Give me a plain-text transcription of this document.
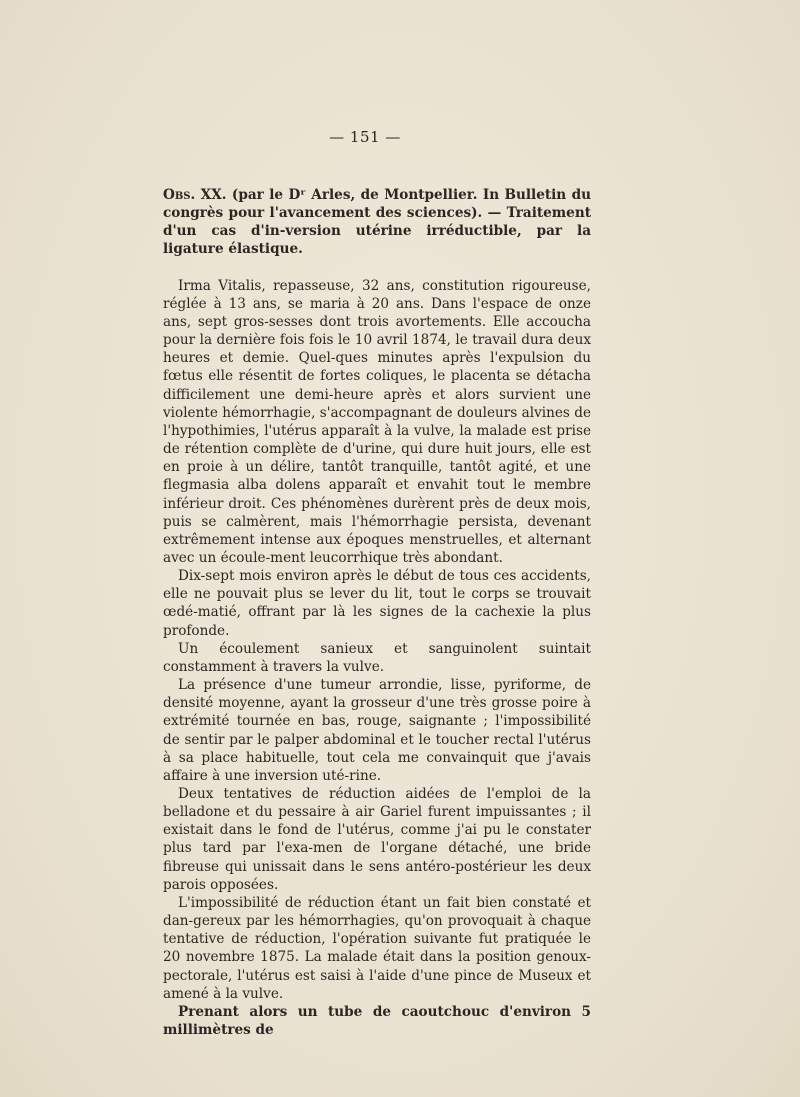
— 151 —

Obs. XX. (par le Dʳ Arles, de Montpellier. In Bulletin du congrès pour l'avancement des sciences). — Traitement d'un cas d'in-version utérine irréductible, par la ligature élastique.

Irma Vitalis, repasseuse, 32 ans, constitution rigoureuse, réglée à 13 ans, se maria à 20 ans. Dans l'espace de onze ans, sept gros-sesses dont trois avortements. Elle accoucha pour la dernière fois fois le 10 avril 1874, le travail dura deux heures et demie. Quel-ques minutes après l'expulsion du fœtus elle résentit de fortes coliques, le placenta se détacha difficilement une demi-heure après et alors survient une violente hémorrhagie, s'accompagnant de douleurs alvines de l'hypothimies, l'utérus apparaît à la vulve, la malade est prise de rétention complète de d'urine, qui dure huit jours, elle est en proie à un délire, tantôt tranquille, tantôt agité, et une flegmasia alba dolens apparaît et envahit tout le membre inférieur droit. Ces phénomènes durèrent près de deux mois, puis se calmèrent, mais l'hémorrhagie persista, devenant extrêmement intense aux époques menstruelles, et alternant avec un écoule-ment leucorrhique très abondant.

Dix-sept mois environ après le début de tous ces accidents, elle ne pouvait plus se lever du lit, tout le corps se trouvait œdé-matié, offrant par là les signes de la cachexie la plus profonde.

Un écoulement sanieux et sanguinolent suintait constamment à travers la vulve.

La présence d'une tumeur arrondie, lisse, pyriforme, de densité moyenne, ayant la grosseur d'une très grosse poire à extrémité tournée en bas, rouge, saignante ; l'impossibilité de sentir par le palper abdominal et le toucher rectal l'utérus à sa place habituelle, tout cela me convainquit que j'avais affaire à une inversion uté-rine.

Deux tentatives de réduction aidées de l'emploi de la belladone et du pessaire à air Gariel furent impuissantes ; il existait dans le fond de l'utérus, comme j'ai pu le constater plus tard par l'exa-men de l'organe détaché, une bride fibreuse qui unissait dans le sens antéro-postérieur les deux parois opposées.

L'impossibilité de réduction étant un fait bien constaté et dan-gereux par les hémorrhagies, qu'on provoquait à chaque tentative de réduction, l'opération suivante fut pratiquée le 20 novembre 1875. La malade était dans la position genoux-pectorale, l'utérus est saisi à l'aide d'une pince de Museux et amené à la vulve.

Prenant alors un tube de caoutchouc d'environ 5 millimètres de
